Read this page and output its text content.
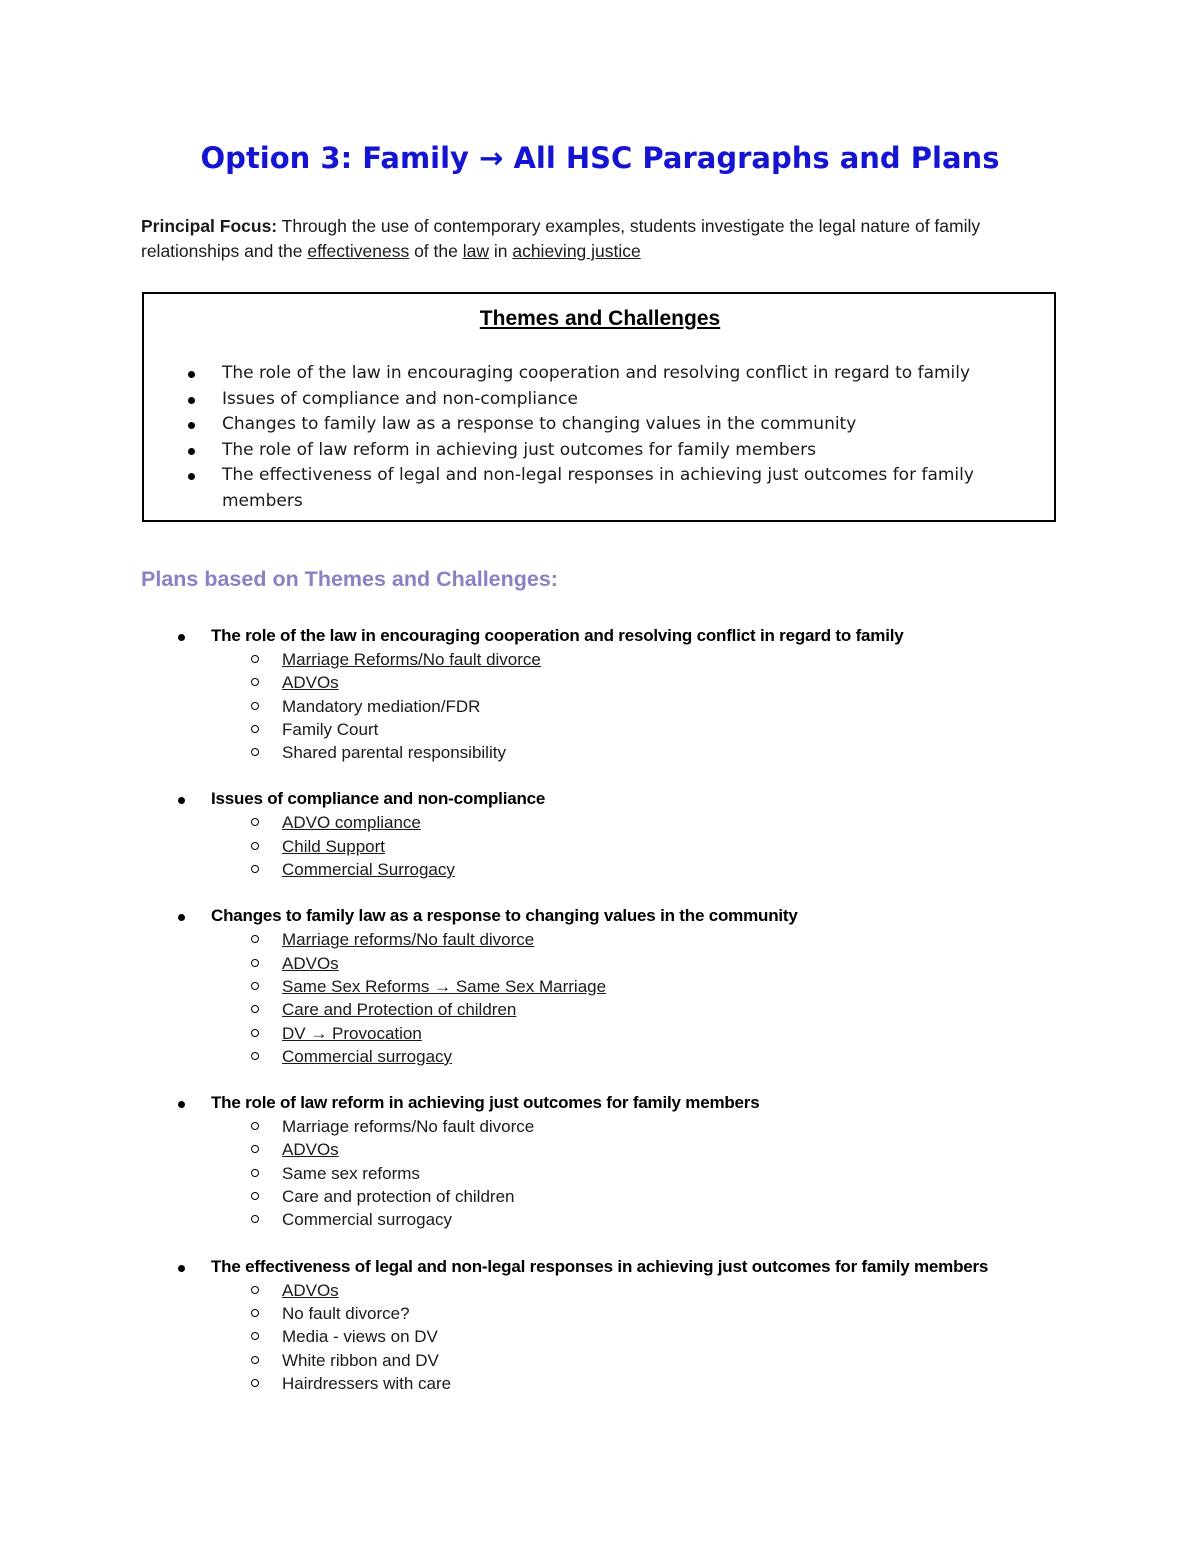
Option 3: Family → All HSC Paragraphs and Plans

Principal Focus: Through the use of contemporary examples, students investigate the legal nature of family relationships and the effectiveness of the law in achieving justice

Themes and Challenges
The role of the law in encouraging cooperation and resolving conflict in regard to family
Issues of compliance and non-compliance
Changes to family law as a response to changing values in the community
The role of law reform in achieving just outcomes for family members
The effectiveness of legal and non-legal responses in achieving just outcomes for family members
Plans based on Themes and Challenges:
The role of the law in encouraging cooperation and resolving conflict in regard to family
Marriage Reforms/No fault divorce
ADVOs
Mandatory mediation/FDR
Family Court
Shared parental responsibility
Issues of compliance and non-compliance
ADVO compliance
Child Support
Commercial Surrogacy
Changes to family law as a response to changing values in the community
Marriage reforms/No fault divorce
ADVOs
Same Sex Reforms → Same Sex Marriage
Care and Protection of children
DV → Provocation
Commercial surrogacy
The role of law reform in achieving just outcomes for family members
Marriage reforms/No fault divorce
ADVOs
Same sex reforms
Care and protection of children
Commercial surrogacy
The effectiveness of legal and non-legal responses in achieving just outcomes for family members
ADVOs
No fault divorce?
Media - views on DV
White ribbon and DV
Hairdressers with care
